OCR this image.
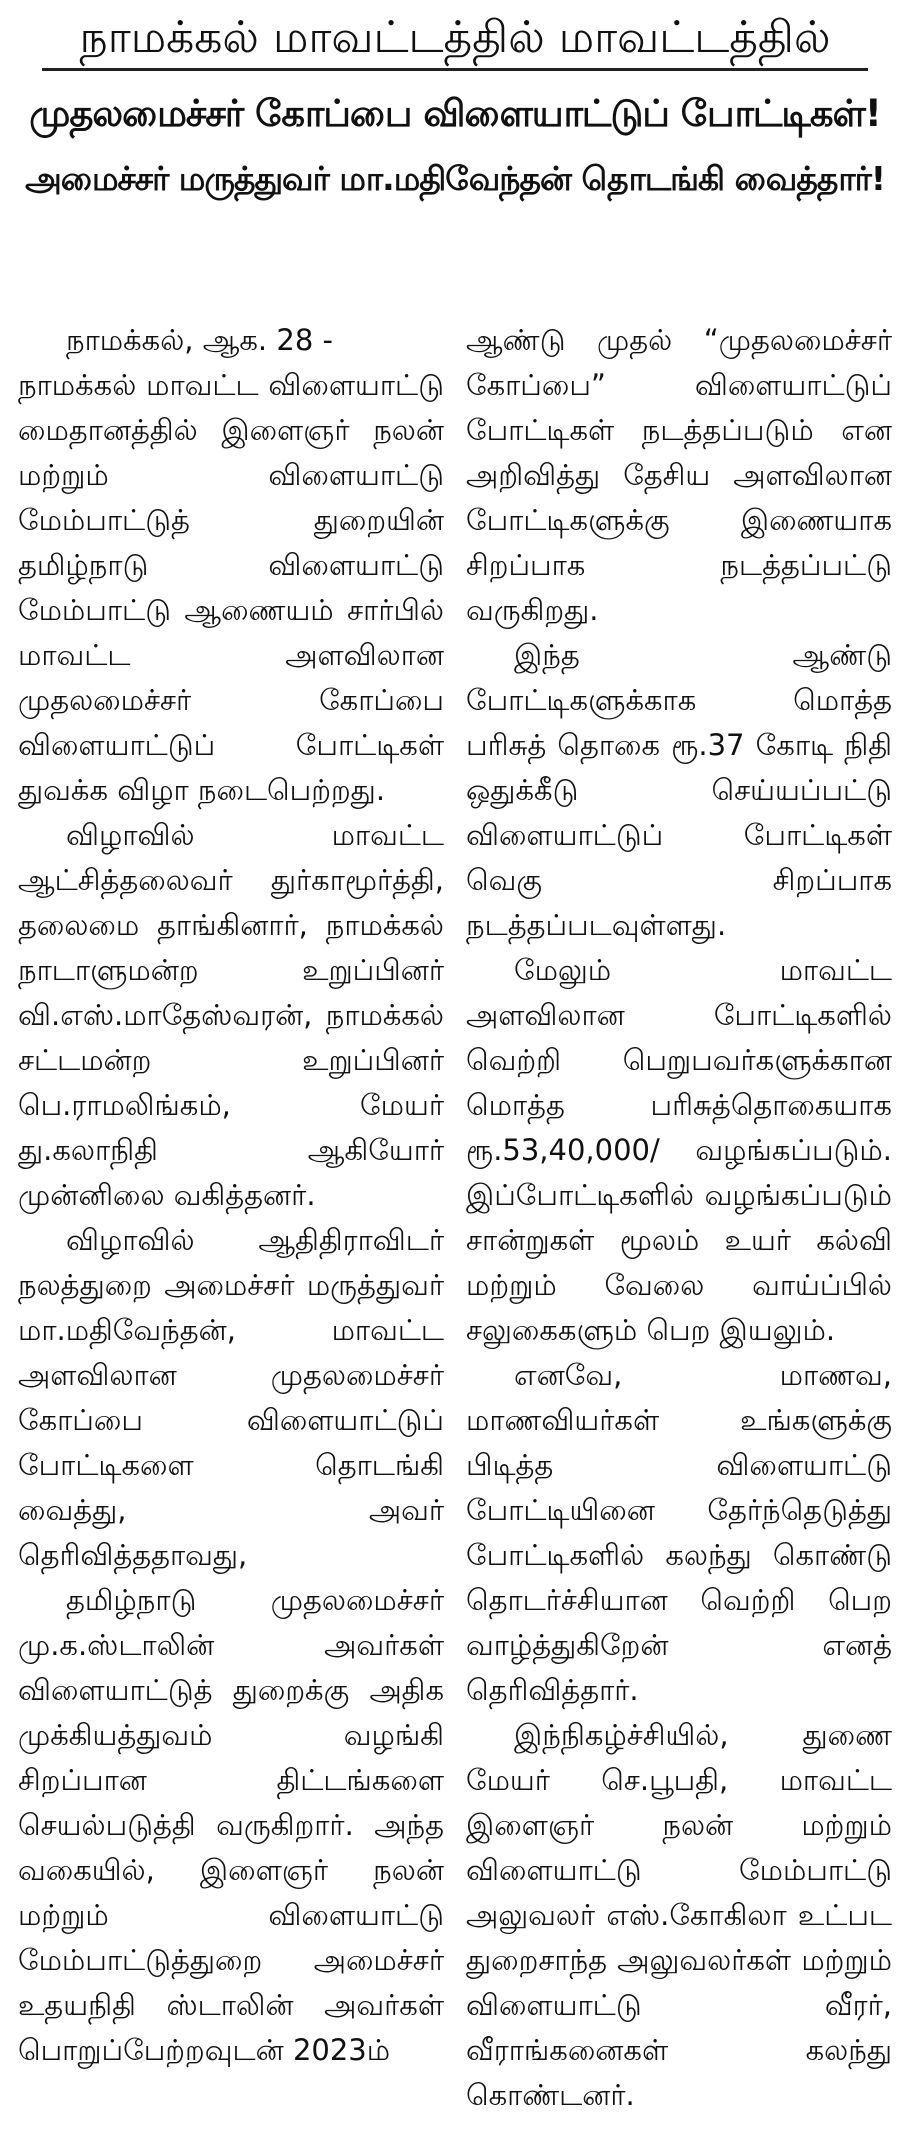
நாமக்கல் மாவட்டத்தில் மாவட்டத்தில்
முதலமைச்சர் கோப்பை விளையாட்டுப் போட்டிகள்!
அமைச்சர் மருத்துவர் மா.மதிவேந்தன் தொடங்கி வைத்தார்!

நாமக்கல், ஆக. 28 -

நாமக்கல் மாவட்ட விளையாட்டு மைதானத்தில் இளைஞர் நலன் மற்றும் விளையாட்டு மேம்பாட்டுத் துறையின் தமிழ்நாடு விளையாட்டு மேம்பாட்டு ஆணையம் சார்பில் மாவட்ட அளவிலான முதலமைச்சர் கோப்பை விளையாட்டுப் போட்டிகள் துவக்க விழா நடைபெற்றது.

விழாவில் மாவட்ட ஆட்சித்தலைவர் துர்காமூர்த்தி, தலைமை தாங்கினார், நாமக்கல் நாடாளுமன்ற உறுப்பினர் வி.எஸ்.மாதேஸ்வரன், நாமக்கல் சட்டமன்ற உறுப்பினர் பெ.ராமலிங்கம், மேயர் து.கலாநிதி ஆகியோர் முன்னிலை வகித்தனர்.

விழாவில் ஆதிதிராவிடர் நலத்துறை அமைச்சர் மருத்துவர் மா.மதிவேந்தன், மாவட்ட அளவிலான முதலமைச்சர் கோப்பை விளையாட்டுப் போட்டிகளை தொடங்கி வைத்து, அவர் தெரிவித்ததாவது,

தமிழ்நாடு முதலமைச்சர் மு.க.ஸ்டாலின் அவர்கள் விளையாட்டுத் துறைக்கு அதிக முக்கியத்துவம் வழங்கி சிறப்பான திட்டங்களை செயல்படுத்தி வருகிறார். அந்த வகையில், இளைஞர் நலன் மற்றும் விளையாட்டு மேம்பாட்டுத்துறை அமைச்சர் உதயநிதி ஸ்டாலின் அவர்கள் பொறுப்பேற்றவுடன் 2023ம்

ஆண்டு முதல் “முதலமைச்சர் கோப்பை” விளையாட்டுப் போட்டிகள் நடத்தப்படும் என அறிவித்து தேசிய அளவிலான போட்டிகளுக்கு இணையாக சிறப்பாக நடத்தப்பட்டு வருகிறது.

இந்த ஆண்டு போட்டிகளுக்காக மொத்த பரிசுத் தொகை ரூ.37 கோடி நிதி ஒதுக்கீடு செய்யப்பட்டு விளையாட்டுப் போட்டிகள் வெகு சிறப்பாக நடத்தப்படவுள்ளது.

மேலும் மாவட்ட அளவிலான போட்டிகளில் வெற்றி பெறுபவர்களுக்கான மொத்த பரிசுத்தொகையாக ரூ.53,40,000/ வழங்கப்படும். இப்போட்டிகளில் வழங்கப்படும் சான்றுகள் மூலம் உயர் கல்வி மற்றும் வேலை வாய்ப்பில் சலுகைகளும் பெற இயலும்.

எனவே, மாணவ, மாணவியர்கள் உங்களுக்கு பிடித்த விளையாட்டு போட்டியினை தேர்ந்தெடுத்து போட்டிகளில் கலந்து கொண்டு தொடர்ச்சியான வெற்றி பெற வாழ்த்துகிறேன் எனத் தெரிவித்தார்.

இந்நிகழ்ச்சியில், துணை மேயர் செ.பூபதி, மாவட்ட இளைஞர் நலன் மற்றும் விளையாட்டு மேம்பாட்டு அலுவலர் எஸ்.கோகிலா உட்பட துறைசாந்த அலுவலர்கள் மற்றும் விளையாட்டு வீரர், வீராங்கனைகள் கலந்து கொண்டனர்.
